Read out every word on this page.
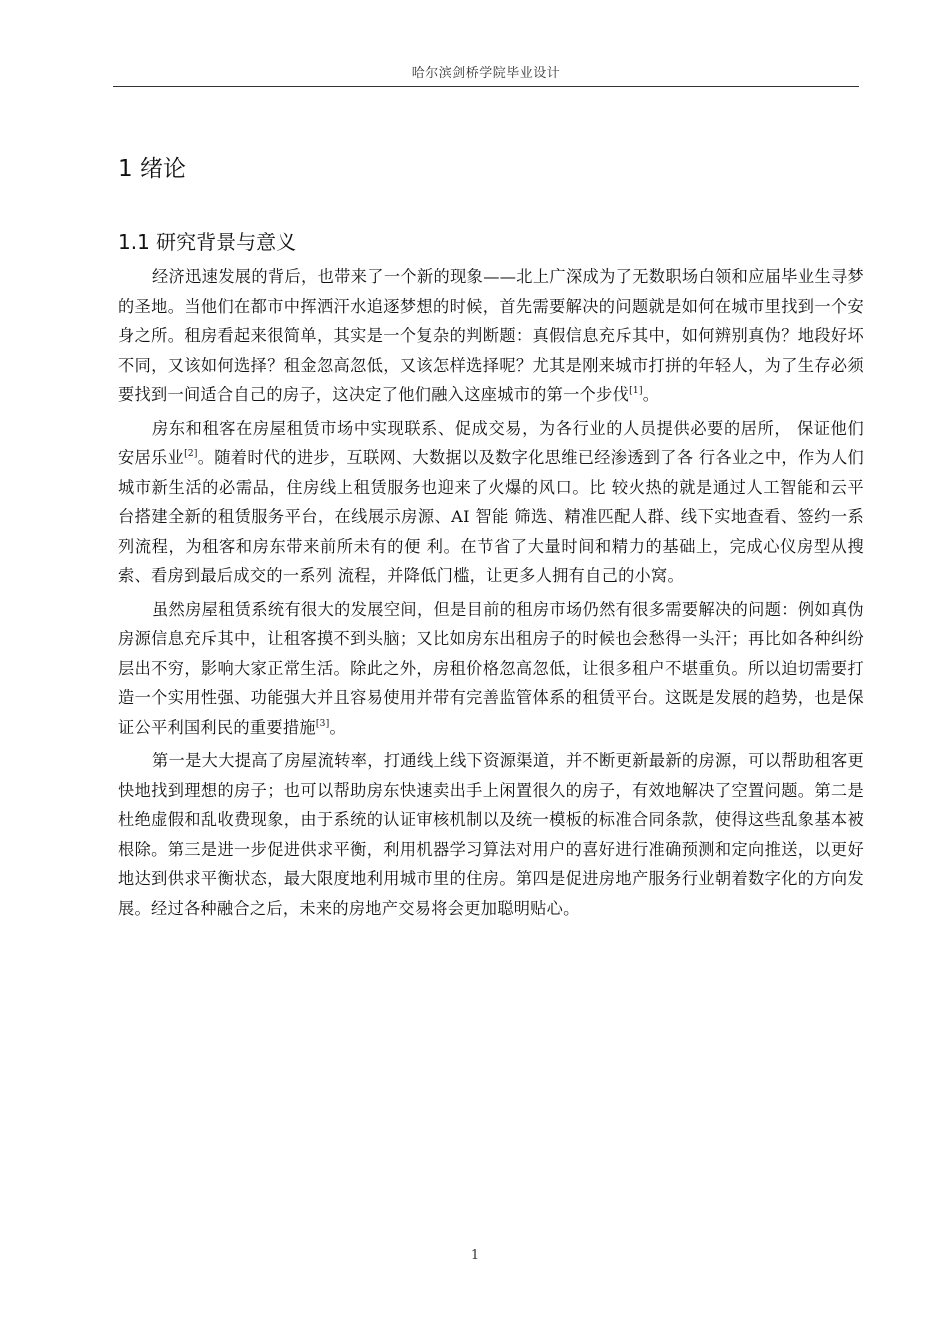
哈尔滨剑桥学院毕业设计
1 绪论
1.1 研究背景与意义

经济迅速发展的背后，也带来了一个新的现象——北上广深成为了无数职场白领和应届毕业生寻梦的圣地。当他们在都市中挥洒汗水追逐梦想的时候，首先需要解决的问题就是如何在城市里找到一个安身之所。租房看起来很简单，其实是一个复杂的判断题：真假信息充斥其中，如何辨别真伪？地段好坏不同，又该如何选择？租金忽高忽低，又该怎样选择呢？尤其是刚来城市打拼的年轻人，为了生存必须要找到一间适合自己的房子，这决定了他们融入这座城市的第一个步伐[1]。

房东和租客在房屋租赁市场中实现联系、促成交易，为各行业的人员提供必要的居所， 保证他们安居乐业[2]。随着时代的进步，互联网、大数据以及数字化思维已经渗透到了各 行各业之中，作为人们城市新生活的必需品，住房线上租赁服务也迎来了火爆的风口。比 较火热的就是通过人工智能和云平台搭建全新的租赁服务平台，在线展示房源、AI 智能 筛选、精准匹配人群、线下实地查看、签约一系列流程，为租客和房东带来前所未有的便 利。在节省了大量时间和精力的基础上，完成心仪房型从搜索、看房到最后成交的一系列 流程，并降低门槛，让更多人拥有自己的小窝。

虽然房屋租赁系统有很大的发展空间，但是目前的租房市场仍然有很多需要解决的问题：例如真伪房源信息充斥其中，让租客摸不到头脑；又比如房东出租房子的时候也会愁得一头汗；再比如各种纠纷层出不穷，影响大家正常生活。除此之外，房租价格忽高忽低，让很多租户不堪重负。所以迫切需要打造一个实用性强、功能强大并且容易使用并带有完善监管体系的租赁平台。这既是发展的趋势，也是保证公平利国利民的重要措施[3]。

第一是大大提高了房屋流转率，打通线上线下资源渠道，并不断更新最新的房源，可以帮助租客更快地找到理想的房子；也可以帮助房东快速卖出手上闲置很久的房子，有效地解决了空置问题。第二是杜绝虚假和乱收费现象，由于系统的认证审核机制以及统一模板的标准合同条款，使得这些乱象基本被根除。第三是进一步促进供求平衡，利用机器学习算法对用户的喜好进行准确预测和定向推送，以更好地达到供求平衡状态，最大限度地利用城市里的住房。第四是促进房地产服务行业朝着数字化的方向发展。经过各种融合之后，未来的房地产交易将会更加聪明贴心。

1
